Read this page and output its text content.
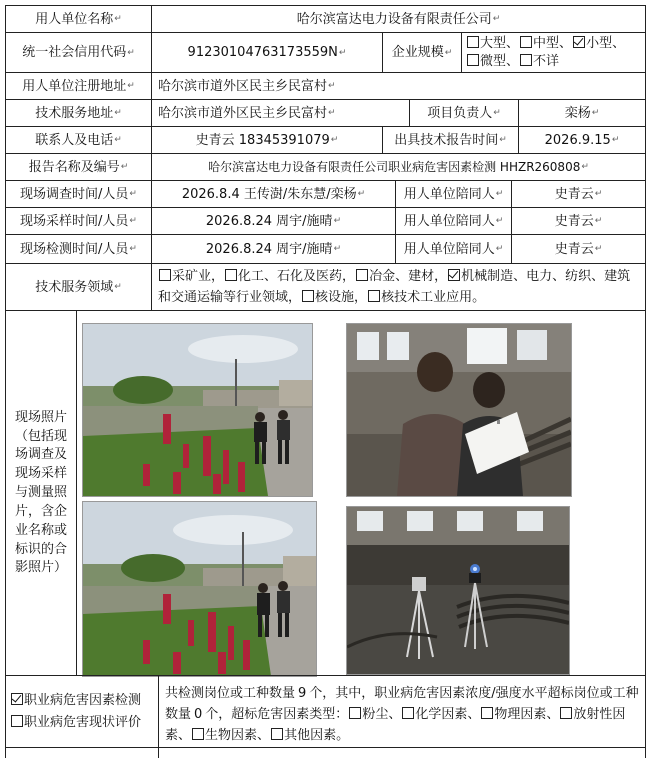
用人单位名称 ↵	哈尔滨富达电力设备有限责任公司 ↵
统一社会信用代码 ↵	91230104763173559N ↵	企业规模 ↵
大型 、	中型 、	小型 、
微型 、	不详
用人单位注册地址 ↵ 哈尔滨市道外区民主乡民富村 ↵
技术服务地址 ↵	哈尔滨市道外区民主乡民富村 ↵	项目负责人 ↵	栾杨 ↵
联系人及电话 ↵	史青云 18345391079 ↵	出具技术报告时间 ↵	2026.9.15 ↵
报告名称及编号 ↵	哈尔滨富达电力设备有限责任公司职业病危害因素检测 HHZR260808 ↵
现场调查时间/人员 ↵	2026.8.4 王传澍/朱东慧/栾杨 ↵	用人单位陪同人 ↵	史青云 ↵
现场采样时间/人员 ↵	2026.8.24 周宇/施晴 ↵	用人单位陪同人 ↵	史青云 ↵
现场检测时间/人员 ↵	2026.8.24 周宇/施晴 ↵	用人单位陪同人 ↵	史青云 ↵
技术服务领域 ↵
采矿业， 化工、石化及医药， 冶金、建材， 机械制造、电力、纺织、建筑和交通运输等行业领域， 核设施， 核技术工业应用。
现场照片（包括现场调查及现场采样与测量照片，含企业名称或标识的合影照片）
职业病危害因素检测
职业病危害现状评价
共检测岗位或工种数量 9 个，其中，职业病危害因素浓度/强度水平超标岗位或工种数量 0 个，超标危害因素类型： 粉尘、 化学因素、 物理因素、 放射性因素、 生物因素、 其他因素。
